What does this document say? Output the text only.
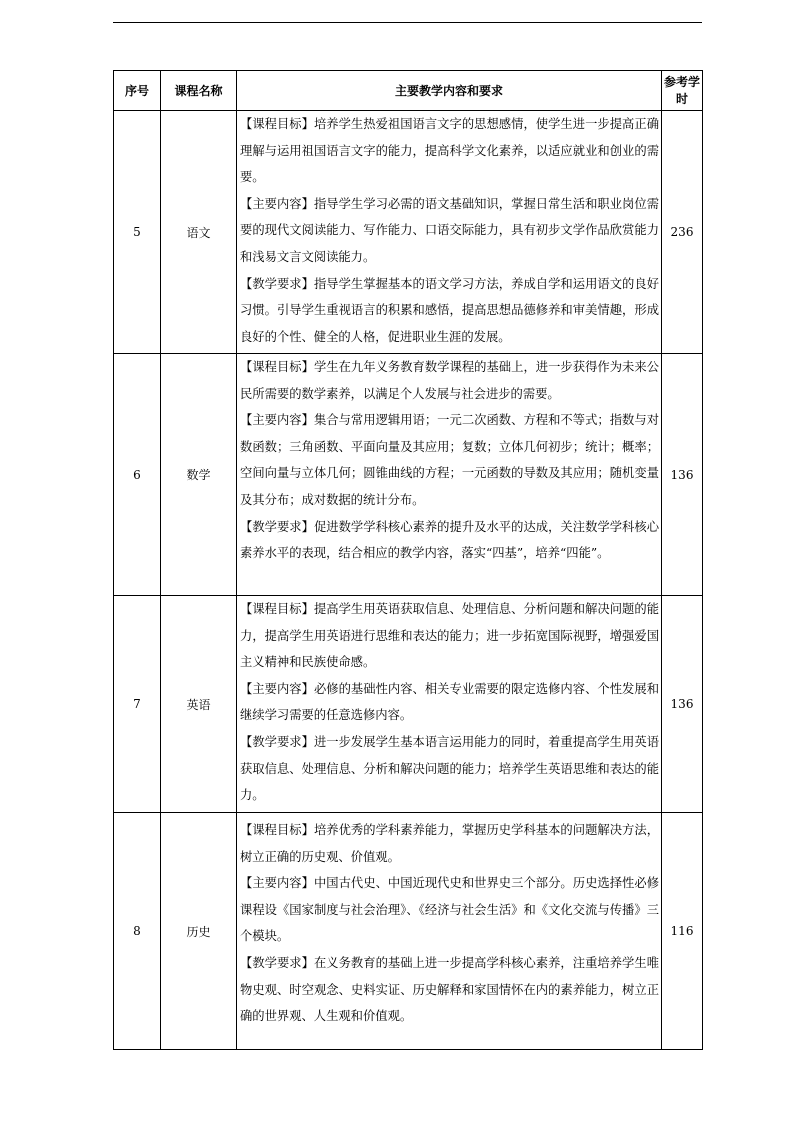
序号	课程名称	主要教学内容和要求	参考学时
5	语文	【课程目标】培养学生热爱祖国语言文字的思想感情，使学生进一步提高正确理解与运用祖国语言文字的能力，提高科学文化素养，以适应就业和创业的需要。

【主要内容】指导学生学习必需的语文基础知识，掌握日常生活和职业岗位需要的现代文阅读能力、写作能力、口语交际能力，具有初步文学作品欣赏能力和浅易文言文阅读能力。

【教学要求】指导学生掌握基本的语文学习方法，养成自学和运用语文的良好习惯。引导学生重视语言的积累和感悟，提高思想品德修养和审美情趣，形成良好的个性、健全的人格，促进职业生涯的发展。	236
6	数学	【课程目标】学生在九年义务教育数学课程的基础上，进一步获得作为未来公民所需要的数学素养，以满足个人发展与社会进步的需要。

【主要内容】集合与常用逻辑用语；一元二次函数、方程和不等式；指数与对数函数；三角函数、平面向量及其应用；复数；立体几何初步；统计；概率；空间向量与立体几何；圆锥曲线的方程；一元函数的导数及其应用；随机变量及其分布；成对数据的统计分布。

【教学要求】促进数学学科核心素养的提升及水平的达成，关注数学学科核心素养水平的表现，结合相应的教学内容，落实“四基”，培养“四能”。	136
7	英语	【课程目标】提高学生用英语获取信息、处理信息、分析问题和解决问题的能力，提高学生用英语进行思维和表达的能力；进一步拓宽国际视野，增强爱国主义精神和民族使命感。

【主要内容】必修的基础性内容、相关专业需要的限定选修内容、个性发展和继续学习需要的任意选修内容。

【教学要求】进一步发展学生基本语言运用能力的同时，着重提高学生用英语获取信息、处理信息、分析和解决问题的能力；培养学生英语思维和表达的能力。	136
8	历史	【课程目标】培养优秀的学科素养能力，掌握历史学科基本的问题解决方法，树立正确的历史观、价值观。

【主要内容】中国古代史、中国近现代史和世界史三个部分。历史选择性必修课程设《国家制度与社会治理》、《经济与社会生活》和《文化交流与传播》三个模块。

【教学要求】在义务教育的基础上进一步提高学科核心素养，注重培养学生唯物史观、时空观念、史料实证、历史解释和家国情怀在内的素养能力，树立正确的世界观、人生观和价值观。	116
